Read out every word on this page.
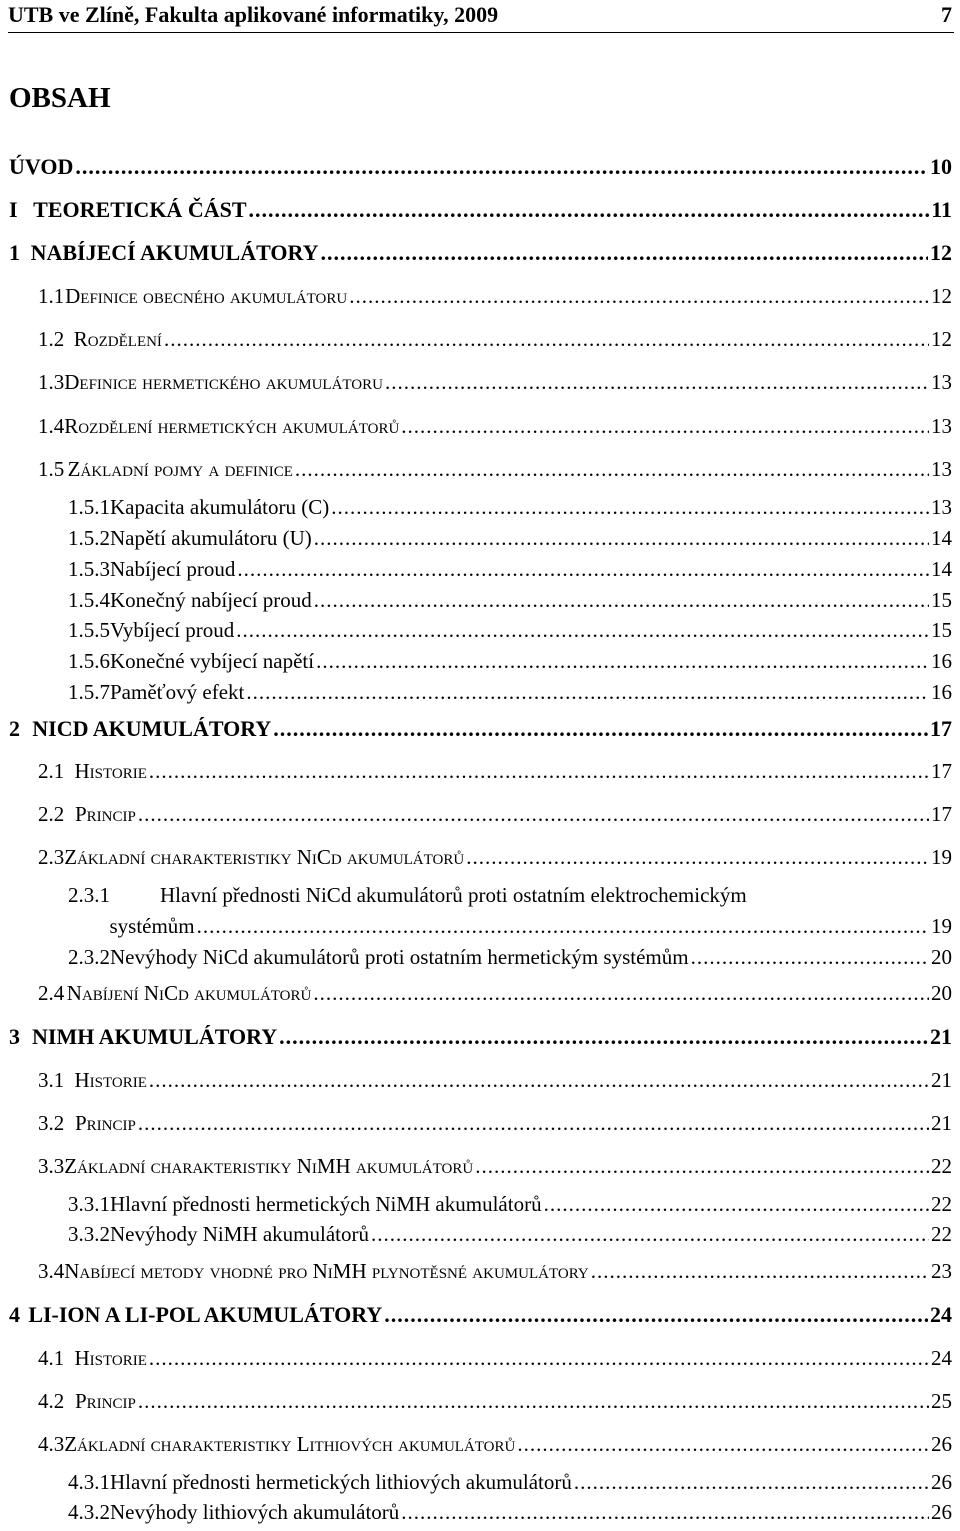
UTB ve Zlíně, Fakulta aplikované informatiky, 2009	7
OBSAH
ÚVOD .....	10
I TEORETICKÁ ČÁST .....	11
1 NABÍJECÍ AKUMULÁTORY .....	12
1.1 Definice obecného akumulátoru .....	12
1.2 Rozdělení .....	12
1.3 Definice hermetického akumulátoru .....	13
1.4 Rozdělení hermetických akumulátorů .....	13
1.5 Základní pojmy a definice .....	13
1.5.1 Kapacita akumulátoru (C) .....	13
1.5.2 Napětí akumulátoru (U) .....	14
1.5.3 Nabíjecí proud .....	14
1.5.4 Konečný nabíjecí proud .....	15
1.5.5 Vybíjecí proud .....	15
1.5.6 Konečné vybíjecí napětí .....	16
1.5.7 Paměťový efekt .....	16
2 NICD AKUMULÁTORY .....	17
2.1 Historie .....	17
2.2 Princip .....	17
2.3 Základní charakteristiky NiCd akumulátorů .....	19
2.3.1 Hlavní přednosti NiCd akumulátorů proti ostatním elektrochemickým
systémům .....	19
2.3.2 Nevýhody NiCd akumulátorů proti ostatním hermetickým systémům .....	20
2.4 Nabíjení NiCd akumulátorů .....	20
3 NIMH AKUMULÁTORY .....	21
3.1 Historie .....	21
3.2 Princip .....	21
3.3 Základní charakteristiky NiMH akumulátorů .....	22
3.3.1 Hlavní přednosti hermetických NiMH akumulátorů .....	22
3.3.2 Nevýhody NiMH akumulátorů .....	22
3.4 Nabíjecí metody vhodné pro NiMH plynotěsné akumulátory .....	23
4 LI-ION A LI-POL AKUMULÁTORY .....	24
4.1 Historie .....	24
4.2 Princip .....	25
4.3 Základní charakteristiky Lithiových akumulátorů .....	26
4.3.1 Hlavní přednosti hermetických lithiových akumulátorů .....	26
4.3.2 Nevýhody lithiových akumulátorů .....	26
